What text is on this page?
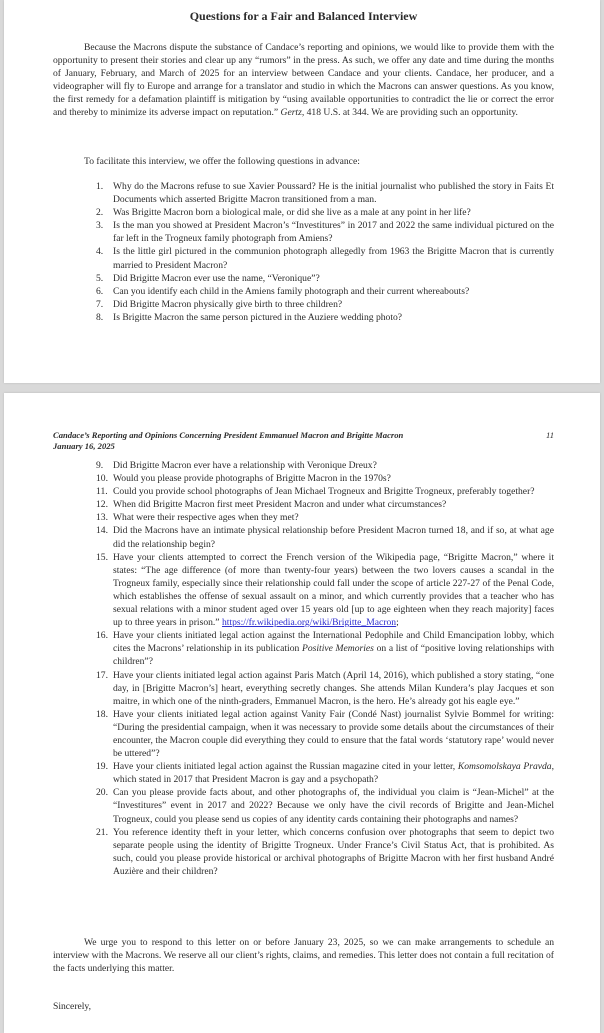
Questions for a Fair and Balanced Interview

Because the Macrons dispute the substance of Candace’s reporting and opinions, we would like to provide them with the opportunity to present their stories and clear up any “rumors” in the press. As such, we offer any date and time during the months of January, February, and March of 2025 for an interview between Candace and your clients. Candace, her producer, and a videographer will fly to Europe and arrange for a translator and studio in which the Macrons can answer questions. As you know, the first remedy for a defamation plaintiff is mitigation by “using available opportunities to contradict the lie or correct the error and thereby to minimize its adverse impact on reputation.” Gertz, 418 U.S. at 344. We are providing such an opportunity.

To facilitate this interview, we offer the following questions in advance:

1. Why do the Macrons refuse to sue Xavier Poussard? He is the initial journalist who published the story in Faits Et Documents which asserted Brigitte Macron transitioned from a man.
2. Was Brigitte Macron born a biological male, or did she live as a male at any point in her life?
3. Is the man you showed at President Macron’s “Investitures” in 2017 and 2022 the same individual pictured on the far left in the Trogneux family photograph from Amiens?
4. Is the little girl pictured in the communion photograph allegedly from 1963 the Brigitte Macron that is currently married to President Macron?
5. Did Brigitte Macron ever use the name, “Veronique”?
6. Can you identify each child in the Amiens family photograph and their current whereabouts?
7. Did Brigitte Macron physically give birth to three children?
8. Is Brigitte Macron the same person pictured in the Auziere wedding photo?
Candace’s Reporting and Opinions Concerning President Emmanuel Macron and Brigitte Macron
January 16, 2025
11
9. Did Brigitte Macron ever have a relationship with Veronique Dreux?
10. Would you please provide photographs of Brigitte Macron in the 1970s?
11. Could you provide school photographs of Jean Michael Trogneux and Brigitte Trogneux, preferably together?
12. When did Brigitte Macron first meet President Macron and under what circumstances?
13. What were their respective ages when they met?
14. Did the Macrons have an intimate physical relationship before President Macron turned 18, and if so, at what age did the relationship begin?
15. Have your clients attempted to correct the French version of the Wikipedia page, “Brigitte Macron,” where it states: “The age difference (of more than twenty-four years) between the two lovers causes a scandal in the Trogneux family, especially since their relationship could fall under the scope of article 227-27 of the Penal Code, which establishes the offense of sexual assault on a minor, and which currently provides that a teacher who has sexual relations with a minor student aged over 15 years old [up to age eighteen when they reach majority] faces up to three years in prison.” https://fr.wikipedia.org/wiki/Brigitte_Macron;
16. Have your clients initiated legal action against the International Pedophile and Child Emancipation lobby, which cites the Macrons’ relationship in its publication Positive Memories on a list of “positive loving relationships with children”?
17. Have your clients initiated legal action against Paris Match (April 14, 2016), which published a story stating, “one day, in [Brigitte Macron’s] heart, everything secretly changes. She attends Milan Kundera’s play Jacques et son maitre, in which one of the ninth-graders, Emmanuel Macron, is the hero. He’s already got his eagle eye.”
18. Have your clients initiated legal action against Vanity Fair (Condé Nast) journalist Sylvie Bommel for writing: “During the presidential campaign, when it was necessary to provide some details about the circumstances of their encounter, the Macron couple did everything they could to ensure that the fatal words ‘statutory rape’ would never be uttered”?
19. Have your clients initiated legal action against the Russian magazine cited in your letter, Komsomolskaya Pravda, which stated in 2017 that President Macron is gay and a psychopath?
20. Can you please provide facts about, and other photographs of, the individual you claim is “Jean-Michel” at the “Investitures” event in 2017 and 2022? Because we only have the civil records of Brigitte and Jean-Michel Trogneux, could you please send us copies of any identity cards containing their photographs and names?
21. You reference identity theft in your letter, which concerns confusion over photographs that seem to depict two separate people using the identity of Brigitte Trogneux. Under France’s Civil Status Act, that is prohibited. As such, could you please provide historical or archival photographs of Brigitte Macron with her first husband André Auzière and their children?

We urge you to respond to this letter on or before January 23, 2025, so we can make arrangements to schedule an interview with the Macrons. We reserve all our client’s rights, claims, and remedies. This letter does not contain a full recitation of the facts underlying this matter.

Sincerely,
